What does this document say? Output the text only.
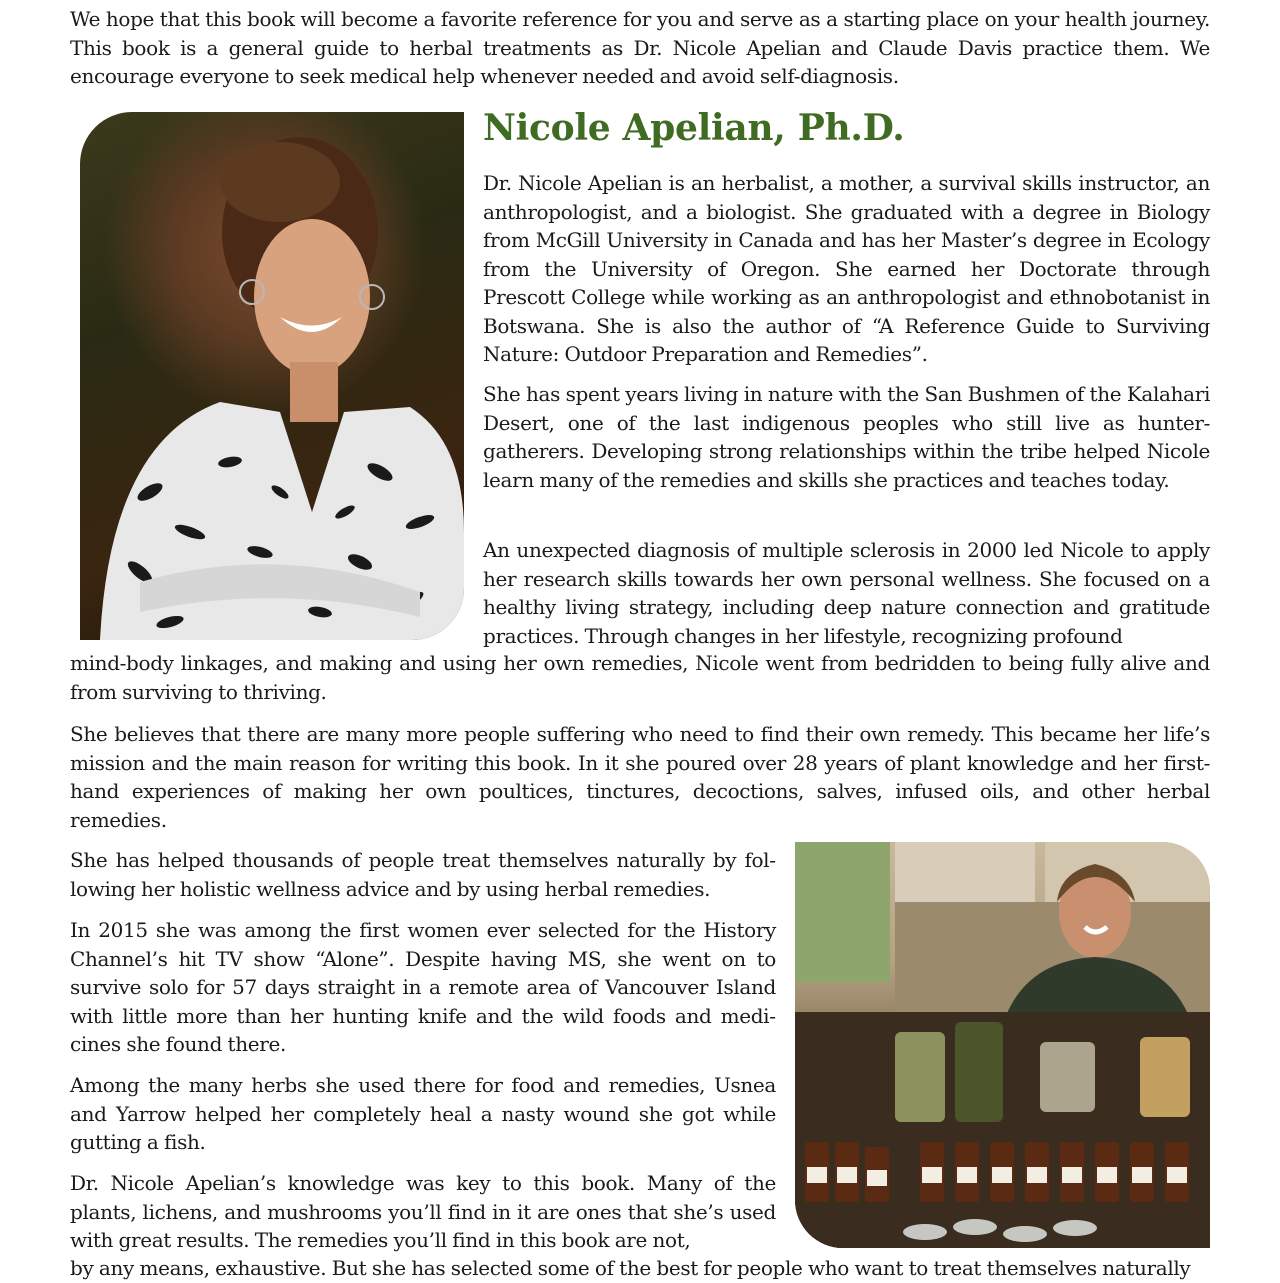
We hope that this book will become a favorite reference for you and serve as a starting place on your health journey. This book is a general guide to herbal treatments as Dr. Nicole Apelian and Claude Davis practice them. We encourage everyone to seek medical help whenever needed and avoid self-diagnosis.

Nicole Apelian, Ph.D.

Dr. Nicole Apelian is an herbalist, a mother, a survival skills instructor, an anthropologist, and a biologist. She graduated with a degree in Biology from McGill University in Canada and has her Master’s degree in Ecology from the University of Oregon. She earned her Doctorate through Prescott College while working as an anthropologist and ethnobotanist in Botswana. She is also the author of “A Reference Guide to Surviving Nature: Outdoor Preparation and Remedies”.

She has spent years living in nature with the San Bushmen of the Kalahari Desert, one of the last indigenous peoples who still live as hunter-gatherers. Developing strong relationships within the tribe helped Nicole learn many of the remedies and skills she practices and teaches today.

An unexpected diagnosis of multiple sclerosis in 2000 led Nicole to apply her research skills towards her own personal wellness. She focused on a healthy living strategy, including deep nature connection and gratitude practices. Through changes in her lifestyle, recognizing profound

mind-body linkages, and making and using her own remedies, Nicole went from bedridden to being fully alive and from surviving to thriving.

She believes that there are many more people suffering who need to find their own remedy. This became her life’s mission and the main reason for writing this book. In it she poured over 28 years of plant knowledge and her first-hand experiences of making her own poultices, tinctures, decoctions, salves, infused oils, and other herbal remedies.

She has helped thousands of people treat themselves naturally by following her holistic wellness advice and by using herbal remedies.

In 2015 she was among the first women ever selected for the History Channel’s hit TV show “Alone”. Despite having MS, she went on to survive solo for 57 days straight in a remote area of Vancouver Island with little more than her hunting knife and the wild foods and medicines she found there.

Among the many herbs she used there for food and remedies, Usnea and Yarrow helped her completely heal a nasty wound she got while gutting a fish.

Dr. Nicole Apelian’s knowledge was key to this book. Many of the plants, lichens, and mushrooms you’ll find in it are ones that she’s used with great results. The remedies you’ll find in this book are not,

by any means, exhaustive. But she has selected some of the best for people who want to treat themselves naturally
